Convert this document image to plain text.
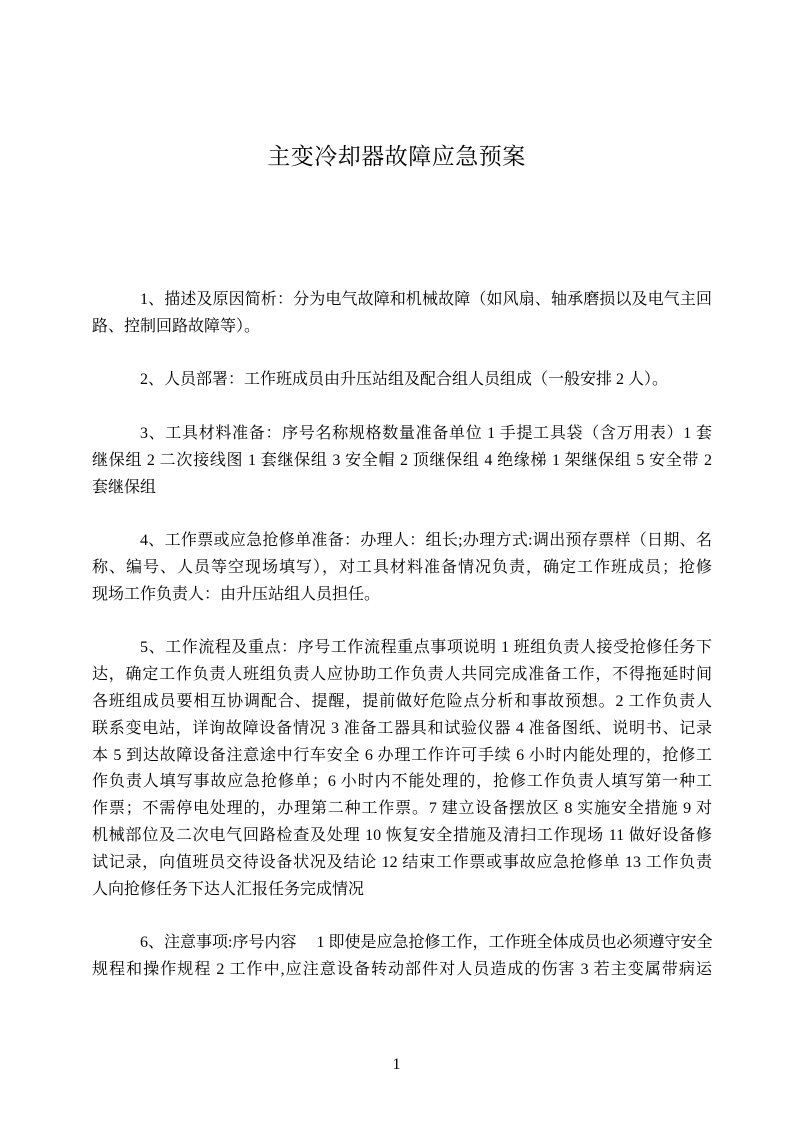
主变冷却器故障应急预案
1、描述及原因简析：分为电气故障和机械故障（如风扇、轴承磨损以及电气主回
路、控制回路故障等）。
2、人员部署：工作班成员由升压站组及配合组人员组成（一般安排 2 人）。
3、工具材料准备：序号名称规格数量准备单位 1 手提工具袋（含万用表）1 套
继保组 2 二次接线图 1 套继保组 3 安全帽 2 顶继保组 4 绝缘梯 1 架继保组 5 安全带 2
套继保组
4、工作票或应急抢修单准备：办理人：组长;办理方式:调出预存票样（日期、名
称、编号、人员等空现场填写），对工具材料准备情况负责，确定工作班成员；抢修
现场工作负责人：由升压站组人员担任。
5、工作流程及重点：序号工作流程重点事项说明 1 班组负责人接受抢修任务下
达，确定工作负责人班组负责人应协助工作负责人共同完成准备工作，不得拖延时间
各班组成员要相互协调配合、提醒，提前做好危险点分析和事故预想。2 工作负责人
联系变电站，详询故障设备情况 3 准备工器具和试验仪器 4 准备图纸、说明书、记录
本 5 到达故障设备注意途中行车安全 6 办理工作许可手续 6 小时内能处理的，抢修工
作负责人填写事故应急抢修单；6 小时内不能处理的，抢修工作负责人填写第一种工
作票；不需停电处理的，办理第二种工作票。7 建立设备摆放区 8 实施安全措施 9 对
机械部位及二次电气回路检查及处理 10 恢复安全措施及清扫工作现场 11 做好设备修
试记录，向值班员交待设备状况及结论 12 结束工作票或事故应急抢修单 13 工作负责
人向抢修任务下达人汇报任务完成情况
6、注意事项:序号内容　 1 即使是应急抢修工作，工作班全体成员也必须遵守安全
规程和操作规程 2 工作中,应注意设备转动部件对人员造成的伤害 3 若主变属带病运
1
